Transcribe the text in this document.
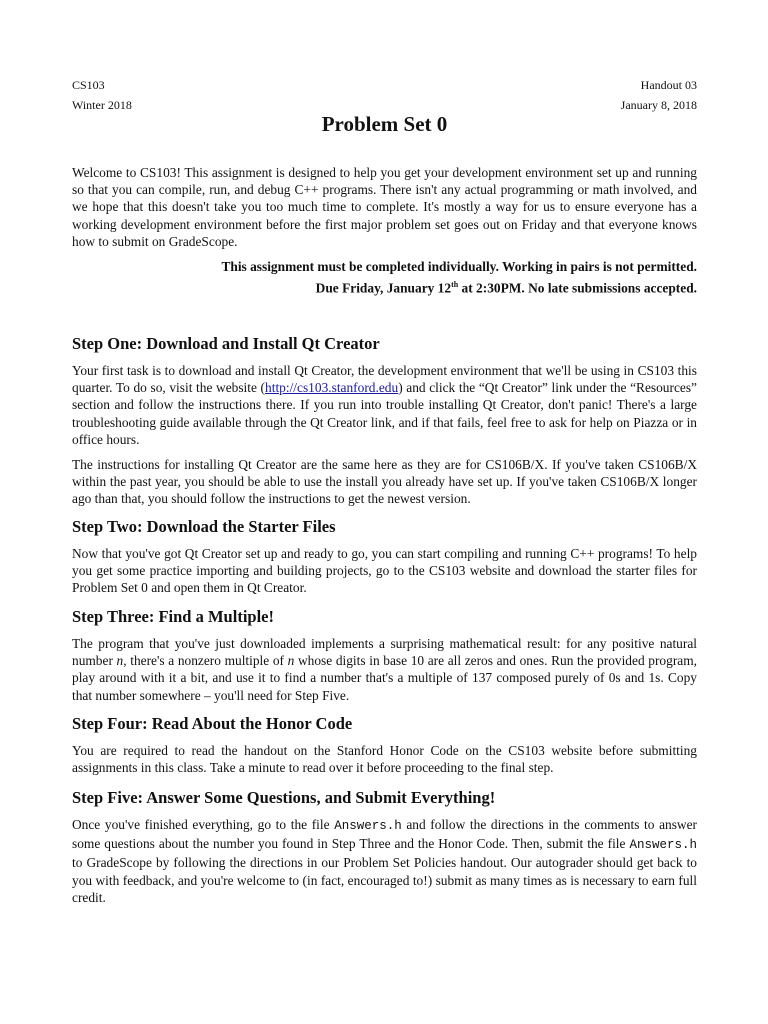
CS103	Handout 03
Winter 2018	January 8, 2018
Problem Set 0

Welcome to CS103! This assignment is designed to help you get your development environment set up and running so that you can compile, run, and debug C++ programs. There isn't any actual programming or math involved, and we hope that this doesn't take you too much time to complete. It's mostly a way for us to ensure everyone has a working development environment before the first major problem set goes out on Friday and that everyone knows how to submit on GradeScope.

This assignment must be completed individually. Working in pairs is not permitted.
Due Friday, January 12th at 2:30PM. No late submissions accepted.
Step One: Download and Install Qt Creator

Your first task is to download and install Qt Creator, the development environment that we'll be using in CS103 this quarter. To do so, visit the website (http://cs103.stanford.edu) and click the “Qt Creator” link under the “Resources” section and follow the instructions there. If you run into trouble installing Qt Creator, don't panic! There's a large troubleshooting guide available through the Qt Creator link, and if that fails, feel free to ask for help on Piazza or in office hours.

The instructions for installing Qt Creator are the same here as they are for CS106B/X. If you've taken CS106B/X within the past year, you should be able to use the install you already have set up. If you've taken CS106B/X longer ago than that, you should follow the instructions to get the newest version.

Step Two: Download the Starter Files

Now that you've got Qt Creator set up and ready to go, you can start compiling and running C++ programs! To help you get some practice importing and building projects, go to the CS103 website and download the starter files for Problem Set 0 and open them in Qt Creator.

Step Three: Find a Multiple!

The program that you've just downloaded implements a surprising mathematical result: for any positive natural number n, there's a nonzero multiple of n whose digits in base 10 are all zeros and ones. Run the provided program, play around with it a bit, and use it to find a number that's a multiple of 137 composed purely of 0s and 1s. Copy that number somewhere – you'll need for Step Five.

Step Four: Read About the Honor Code

You are required to read the handout on the Stanford Honor Code on the CS103 website before submitting assignments in this class. Take a minute to read over it before proceeding to the final step.

Step Five: Answer Some Questions, and Submit Everything!

Once you've finished everything, go to the file Answers.h and follow the directions in the comments to answer some questions about the number you found in Step Three and the Honor Code. Then, submit the file Answers.h to GradeScope by following the directions in our Problem Set Policies handout. Our autograder should get back to you with feedback, and you're welcome to (in fact, encouraged to!) submit as many times as is necessary to earn full credit.
